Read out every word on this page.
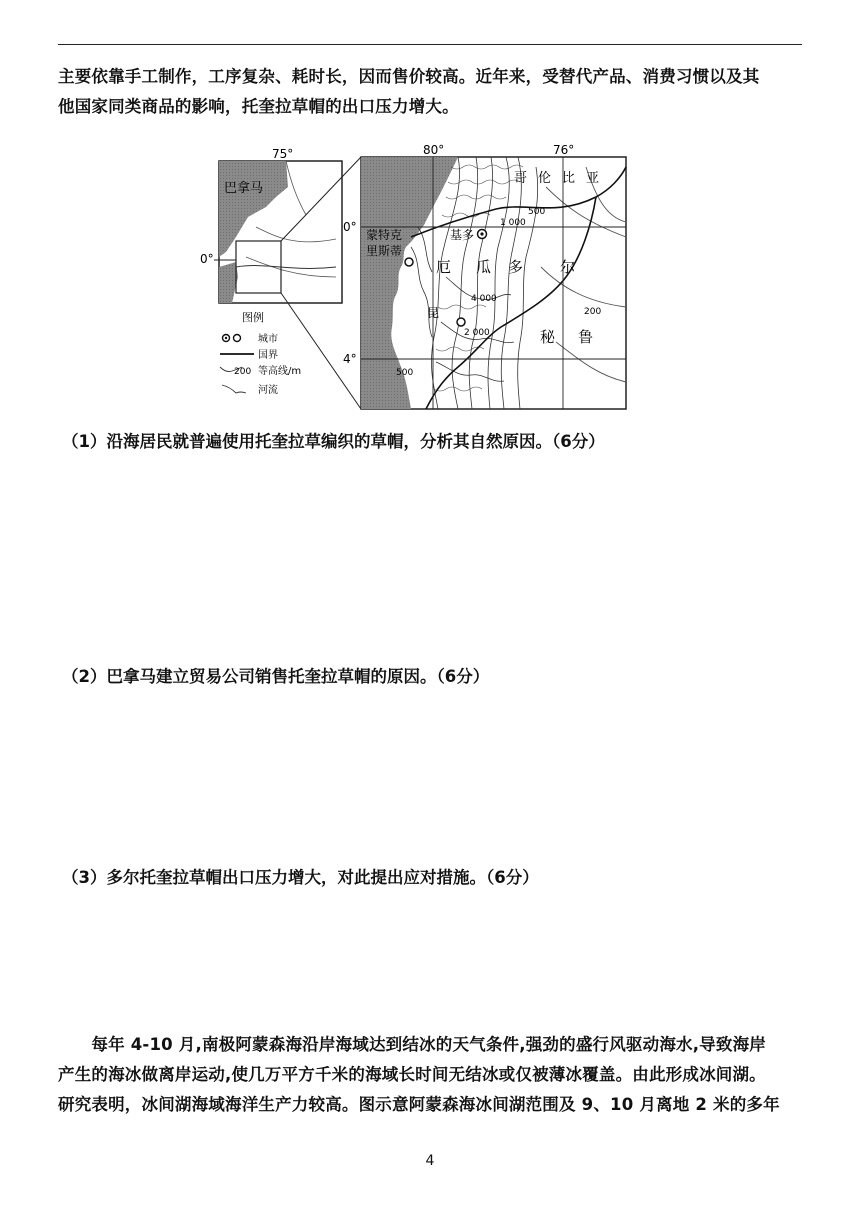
主要依靠手工制作，工序复杂、耗时长，因而售价较高。近年来，受替代产品、消费习惯以及其
他国家同类商品的影响，托奎拉草帽的出口压力增大。
巴拿马
75°
0°
哥 伦 比 亚
厄 瓜 多 尔
秘 鲁
蒙特克
里斯蒂
基多
昆
500
1 000
4 000
2 000
200
500
80°	76°
0°
4°
图例
城市
国界
200 等高线/m
河流
（1）沿海居民就普遍使用托奎拉草编织的草帽，分析其自然原因。（6分）
（2）巴拿马建立贸易公司销售托奎拉草帽的原因。（6分）
（3）多尔托奎拉草帽出口压力增大，对此提出应对措施。（6分）
　　每年 4-10 月,南极阿蒙森海沿岸海域达到结冰的天气条件,强劲的盛行风驱动海水,导致海岸
产生的海冰做离岸运动,使几万平方千米的海域长时间无结冰或仅被薄冰覆盖。由此形成冰间湖。
研究表明，冰间湖海域海洋生产力较高。图示意阿蒙森海冰间湖范围及 9、10 月离地 2 米的多年
4
